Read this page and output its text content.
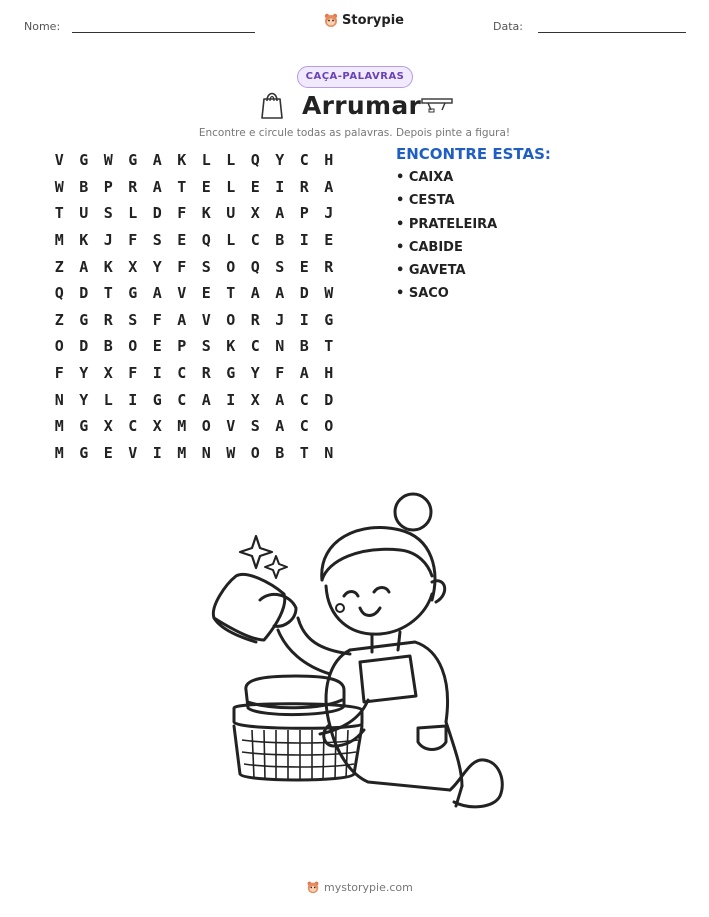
Nome:	Storypie	Data:
CAÇA-PALAVRAS
Arrumar
Encontre e circule todas as palavras. Depois pinte a figura!
V	G	W	G	A	K	L	L	Q	Y	C	H
W	B	P	R	A	T	E	L	E	I	R	A
T	U	S	L	D	F	K	U	X	A	P	J
M	K	J	F	S	E	Q	L	C	B	I	E
Z	A	K	X	Y	F	S	O	Q	S	E	R
Q	D	T	G	A	V	E	T	A	A	D	W
Z	G	R	S	F	A	V	O	R	J	I	G
O	D	B	O	E	P	S	K	C	N	B	T
F	Y	X	F	I	C	R	G	Y	F	A	H
N	Y	L	I	G	C	A	I	X	A	C	D
M	G	X	C	X	M	O	V	S	A	C	O
M	G	E	V	I	M	N	W	O	B	T	N
ENCONTRE ESTAS:
• CAIXA
• CESTA
• PRATELEIRA
• CABIDE
• GAVETA
• SACO
mystorypie.com
